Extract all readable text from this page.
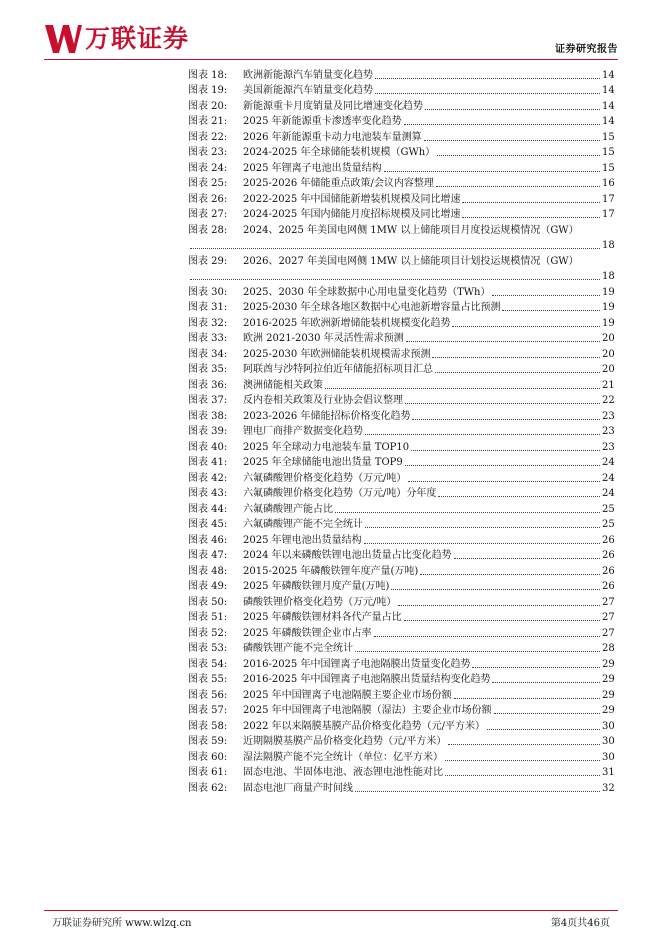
万联证券	证券研究报告
图表 18:	欧洲新能源汽车销量变化趋势	14
图表 19:	美国新能源汽车销量变化趋势	14
图表 20:	新能源重卡月度销量及同比增速变化趋势	14
图表 21:	2025 年新能源重卡渗透率变化趋势	14
图表 22:	2026 年新能源重卡动力电池装车量测算	15
图表 23:	2024-2025 年全球储能装机规模（GWh）	15
图表 24:	2025 年锂离子电池出货量结构	15
图表 25:	2025-2026 年储能重点政策/会议内容整理	16
图表 26:	2022-2025 年中国储能新增装机规模及同比增速	17
图表 27:	2024-2025 年国内储能月度招标规模及同比增速	17
图表 28:	2024、2025 年美国电网侧 1MW 以上储能项目月度投运规模情况（GW）
18
图表 29:	2026、2027 年美国电网侧 1MW 以上储能项目计划投运规模情况（GW）
18
图表 30:	2025、2030 年全球数据中心用电量变化趋势（TWh）	19
图表 31:	2025-2030 年全球各地区数据中心电池新增容量占比预测	19
图表 32:	2016-2025 年欧洲新增储能装机规模变化趋势	19
图表 33:	欧洲 2021-2030 年灵活性需求预测	20
图表 34:	2025-2030 年欧洲储能装机规模需求预测	20
图表 35:	阿联酋与沙特阿拉伯近年储能招标项目汇总	20
图表 36:	澳洲储能相关政策	21
图表 37:	反内卷相关政策及行业协会倡议整理	22
图表 38:	2023-2026 年储能招标价格变化趋势	23
图表 39:	锂电厂商排产数据变化趋势	23
图表 40:	2025 年全球动力电池装车量 TOP10	23
图表 41:	2025 年全球储能电池出货量 TOP9	24
图表 42:	六氟磷酸锂价格变化趋势（万元/吨）	24
图表 43:	六氟磷酸锂价格变化趋势（万元/吨）分年度	24
图表 44:	六氟磷酸锂产能占比	25
图表 45:	六氟磷酸锂产能不完全统计	25
图表 46:	2025 年锂电池出货量结构	26
图表 47:	2024 年以来磷酸铁锂电池出货量占比变化趋势	26
图表 48:	2015-2025 年磷酸铁锂年度产量(万吨)	26
图表 49:	2025 年磷酸铁锂月度产量(万吨)	26
图表 50:	磷酸铁锂价格变化趋势（万元/吨）	27
图表 51:	2025 年磷酸铁锂材料各代产量占比	27
图表 52:	2025 年磷酸铁锂企业市占率	27
图表 53:	磷酸铁锂产能不完全统计	28
图表 54:	2016-2025 年中国锂离子电池隔膜出货量变化趋势	29
图表 55:	2016-2025 年中国锂离子电池隔膜出货量结构变化趋势	29
图表 56:	2025 年中国锂离子电池隔膜主要企业市场份额	29
图表 57:	2025 年中国锂离子电池隔膜（湿法）主要企业市场份额	29
图表 58:	2022 年以来隔膜基膜产品价格变化趋势（元/平方米）	30
图表 59:	近期隔膜基膜产品价格变化趋势（元/平方米）	30
图表 60:	湿法隔膜产能不完全统计（单位：亿平方米）	30
图表 61:	固态电池、半固体电池、液态锂电池性能对比	31
图表 62:	固态电池厂商量产时间线	32
万联证券研究所 www.wlzq.cn	第4页共46页
